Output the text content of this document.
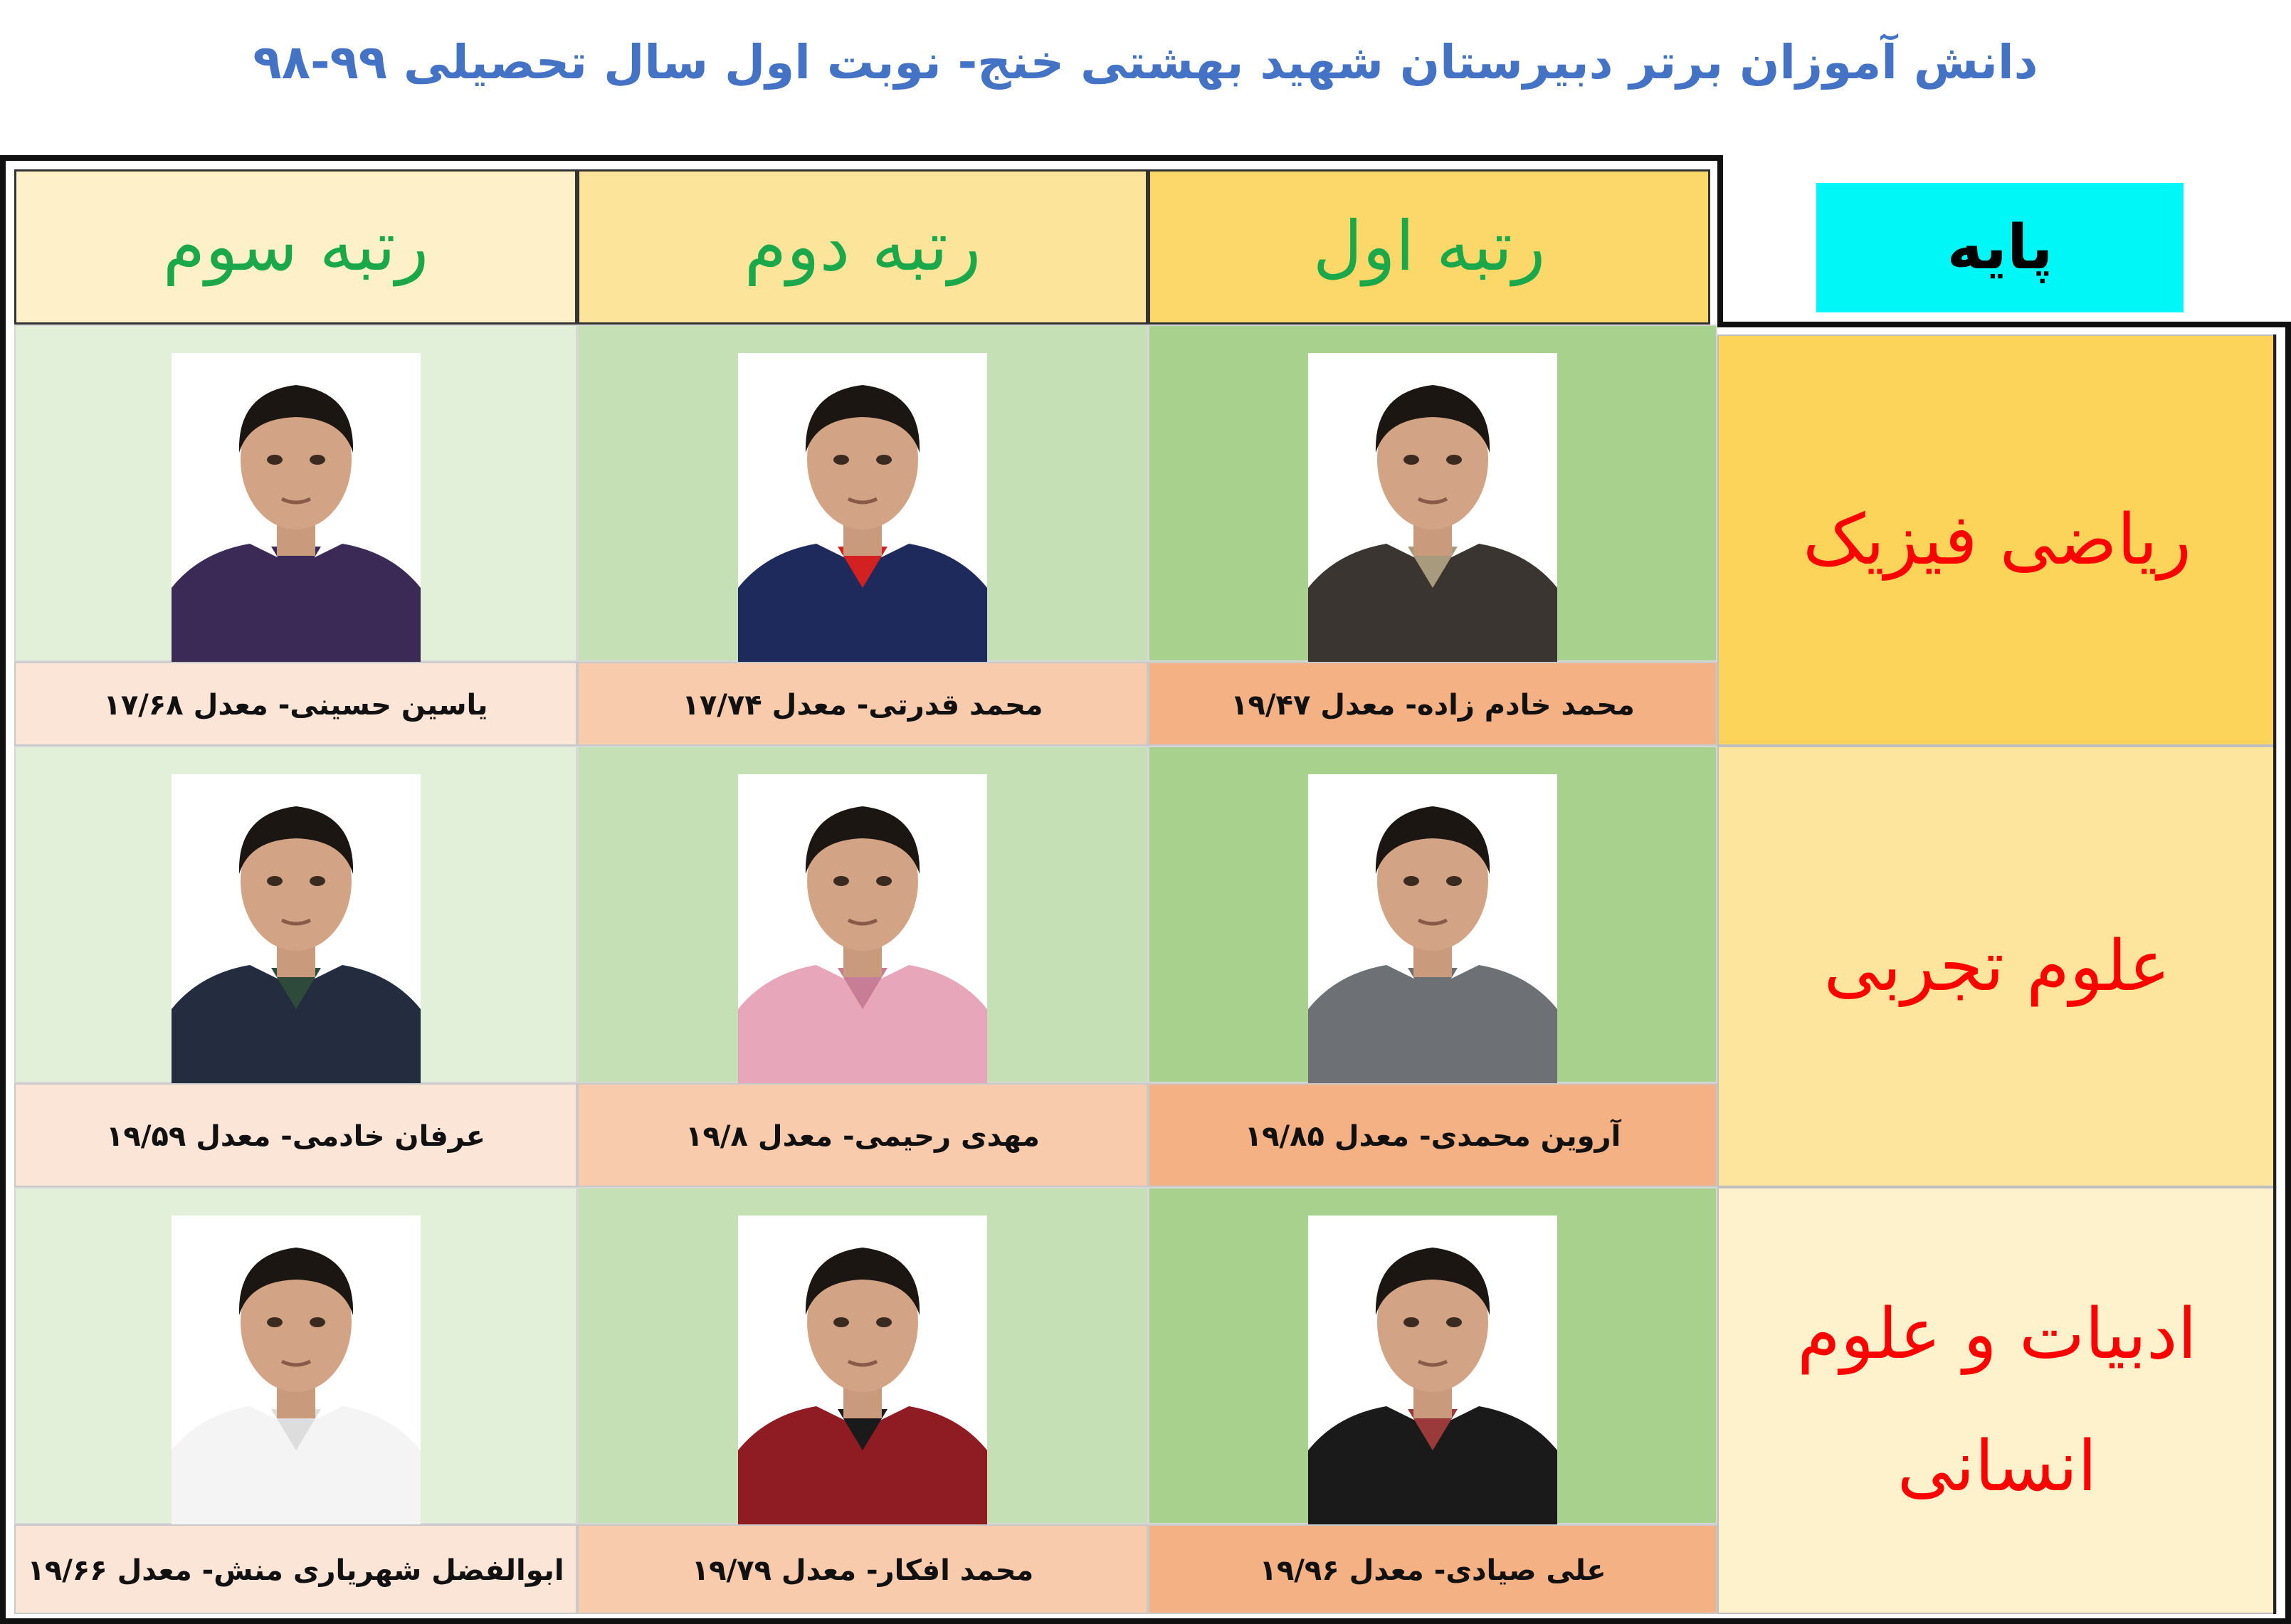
دانش آموزان برتر دبیرستان شهید بهشتی خنج- نوبت اول سال تحصیلی ۹۹-۹۸
پایه
رتبه اول
رتبه دوم
رتبه سوم
ریاضی فیزیک
علوم تجربی
ادبیات و علوم انسانی
محمد خادم زاده- معدل ۱۹/۴۷
محمد قدرتی- معدل ۱۷/۷۴
یاسین حسینی- معدل ۱۷/۶۸
آروین محمدی- معدل ۱۹/۸۵
مهدی رحیمی- معدل ۱۹/۸
عرفان خادمی- معدل ۱۹/۵۹
علی صیادی- معدل ۱۹/۹۶
محمد افکار- معدل ۱۹/۷۹
ابوالفضل شهریاری منش- معدل ۱۹/۶۶
